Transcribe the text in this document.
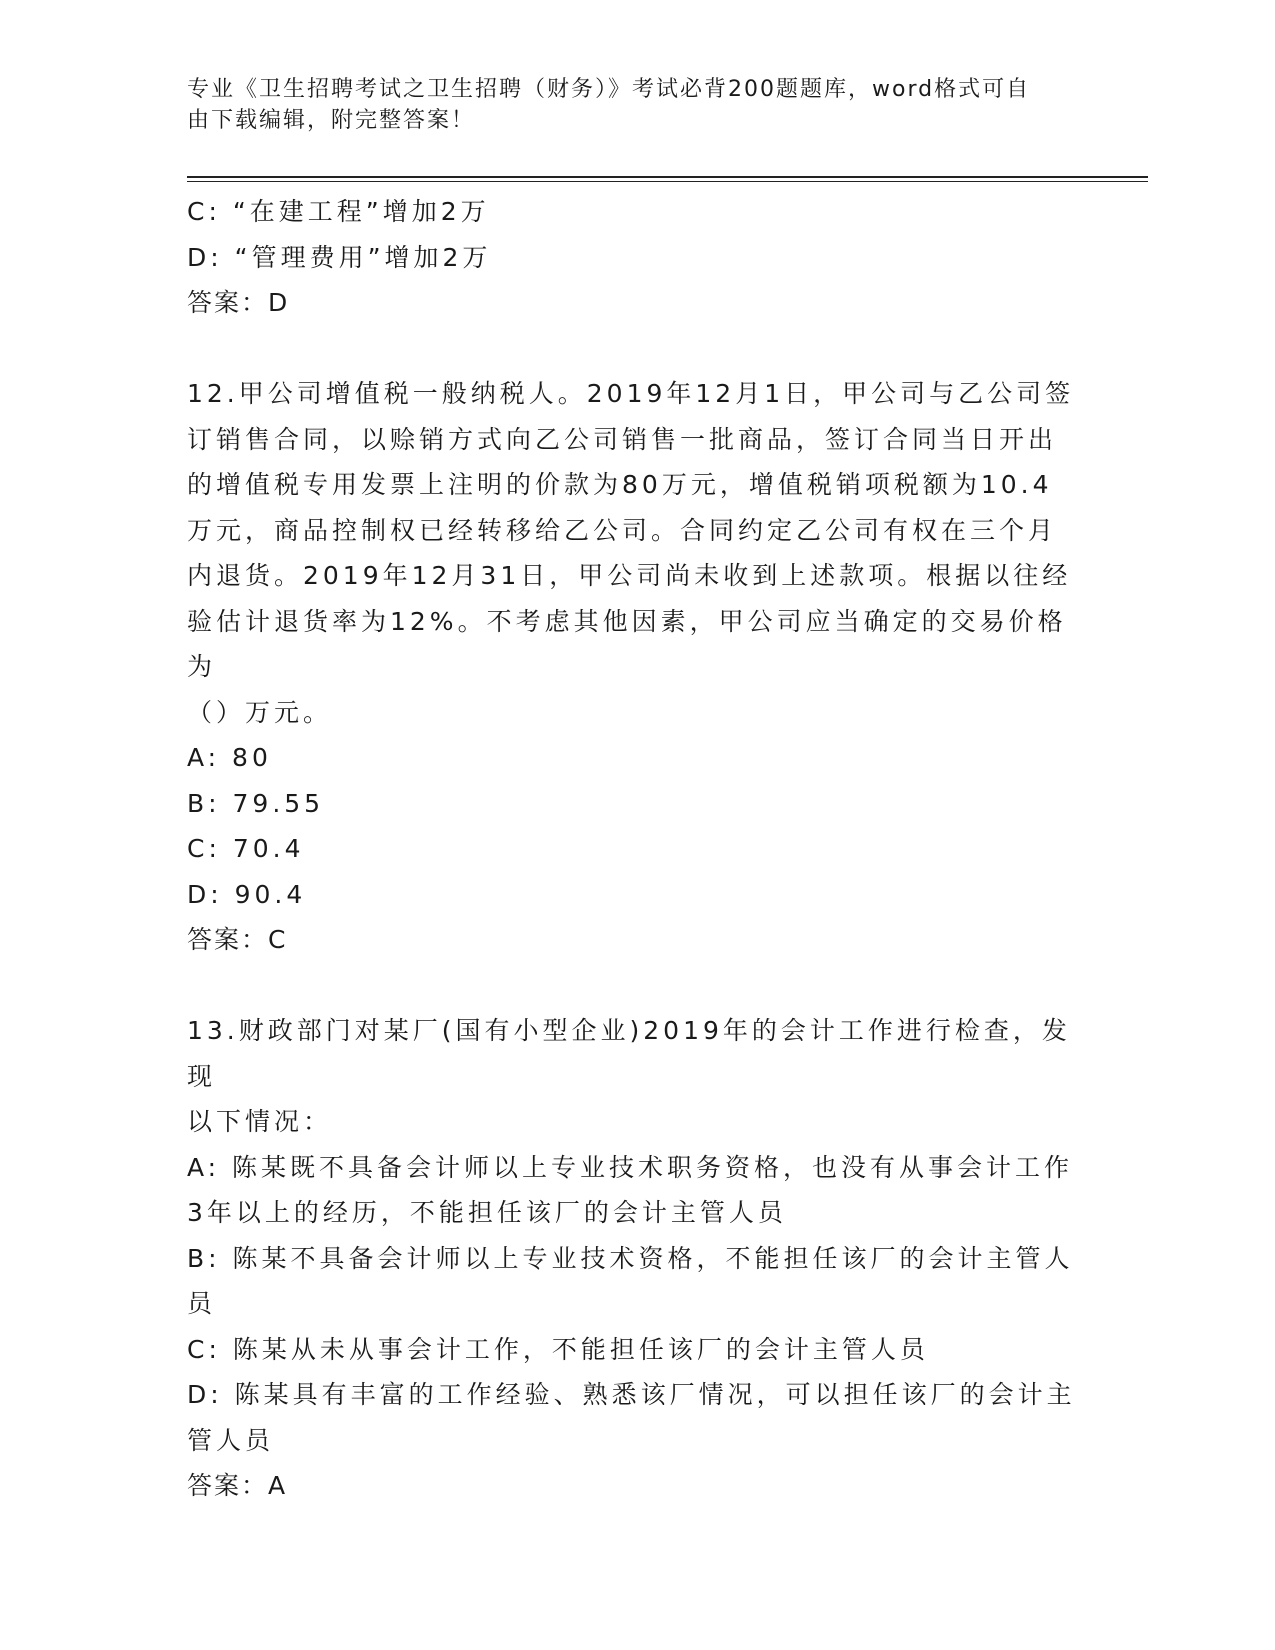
专业《卫生招聘考试之卫生招聘（财务）》考试必背200题题库，word格式可自
由下载编辑，附完整答案！

C: “在建工程”增加2万

D: “管理费用”增加2万

答案：D

12.甲公司增值税一般纳税人。2019年12月1日，甲公司与乙公司签

订销售合同，以赊销方式向乙公司销售一批商品，签订合同当日开出

的增值税专用发票上注明的价款为80万元，增值税销项税额为10.4

万元，商品控制权已经转移给乙公司。合同约定乙公司有权在三个月

内退货。2019年12月31日，甲公司尚未收到上述款项。根据以往经

验估计退货率为12%。不考虑其他因素，甲公司应当确定的交易价格为

（）万元。

A: 80

B: 79.55

C: 70.4

D: 90.4

答案：C

13.财政部门对某厂(国有小型企业)2019年的会计工作进行检查，发现

以下情况：

A: 陈某既不具备会计师以上专业技术职务资格，也没有从事会计工作

3年以上的经历，不能担任该厂的会计主管人员

B: 陈某不具备会计师以上专业技术资格，不能担任该厂的会计主管人

员

C: 陈某从未从事会计工作，不能担任该厂的会计主管人员

D: 陈某具有丰富的工作经验、熟悉该厂情况，可以担任该厂的会计主

管人员

答案：A
